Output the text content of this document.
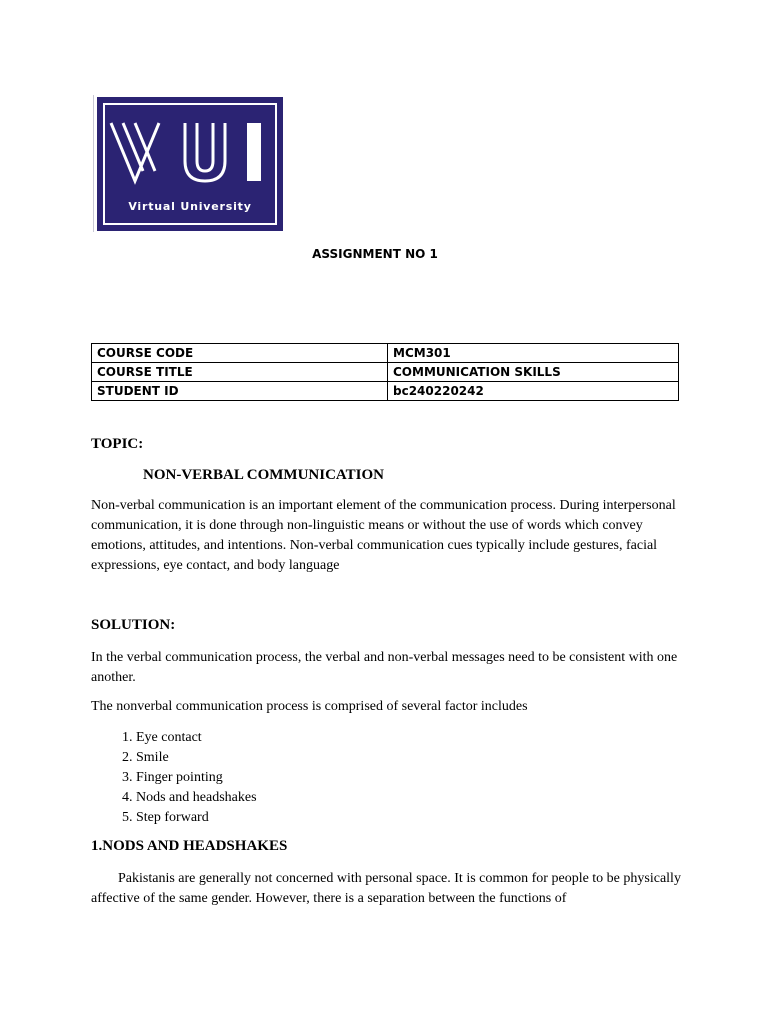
Virtual University
ASSIGNMENT NO 1
COURSE CODE	MCM301
COURSE TITLE	COMMUNICATION SKILLS
STUDENT ID	bc240220242
TOPIC:
NON-VERBAL COMMUNICATION
Non-verbal communication is an important element of the communication process. During interpersonal communication, it is done through non-linguistic means or without the use of words which convey emotions, attitudes, and intentions. Non-verbal communication cues typically include gestures, facial expressions, eye contact, and body language
SOLUTION:
In the verbal communication process, the verbal and non-verbal messages need to be consistent with one another.
The nonverbal communication process is comprised of several factor includes
1. Eye contact
2. Smile
3. Finger pointing
4. Nods and headshakes
5. Step forward
1.NODS AND HEADSHAKES
Pakistanis are generally not concerned with personal space. It is common for people to be physically affective of the same gender. However, there is a separation between the functions of
